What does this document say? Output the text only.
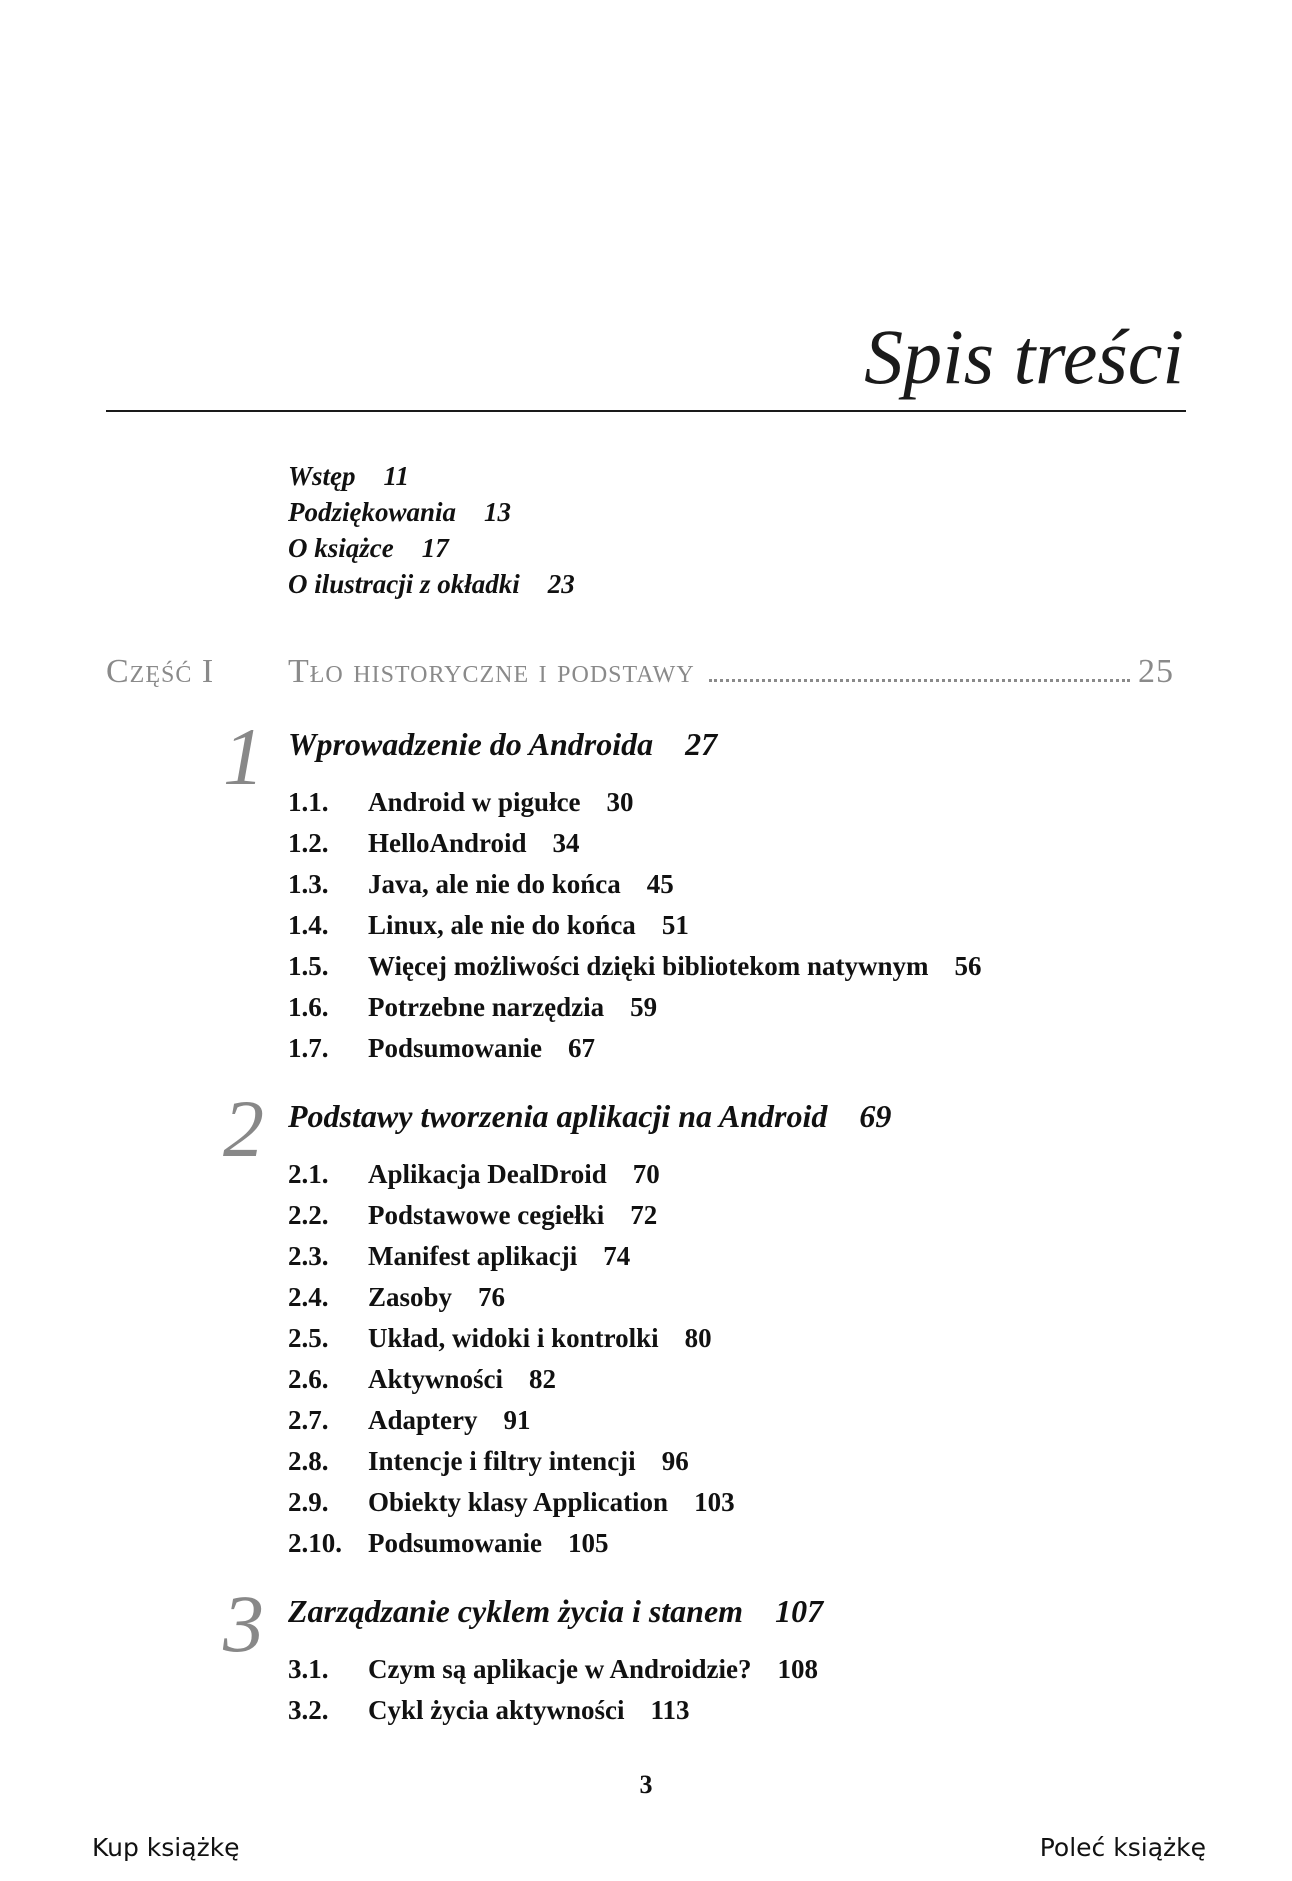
Spis treści
Wstęp 11
Podziękowania 13
O książce 17
O ilustracji z okładki 23
Część I	Tło historyczne i podstawy	25
1 Wprowadzenie do Androida 27
1.1. Android w pigułce 30
1.2. HelloAndroid 34
1.3. Java, ale nie do końca 45
1.4. Linux, ale nie do końca 51
1.5. Więcej możliwości dzięki bibliotekom natywnym 56
1.6. Potrzebne narzędzia 59
1.7. Podsumowanie 67
2 Podstawy tworzenia aplikacji na Android 69
2.1. Aplikacja DealDroid 70
2.2. Podstawowe cegiełki 72
2.3. Manifest aplikacji 74
2.4. Zasoby 76
2.5. Układ, widoki i kontrolki 80
2.6. Aktywności 82
2.7. Adaptery 91
2.8. Intencje i filtry intencji 96
2.9. Obiekty klasy Application 103
2.10. Podsumowanie 105
3 Zarządzanie cyklem życia i stanem 107
3.1. Czym są aplikacje w Androidzie? 108
3.2. Cykl życia aktywności 113
3
Kup książkę	Poleć książkę
